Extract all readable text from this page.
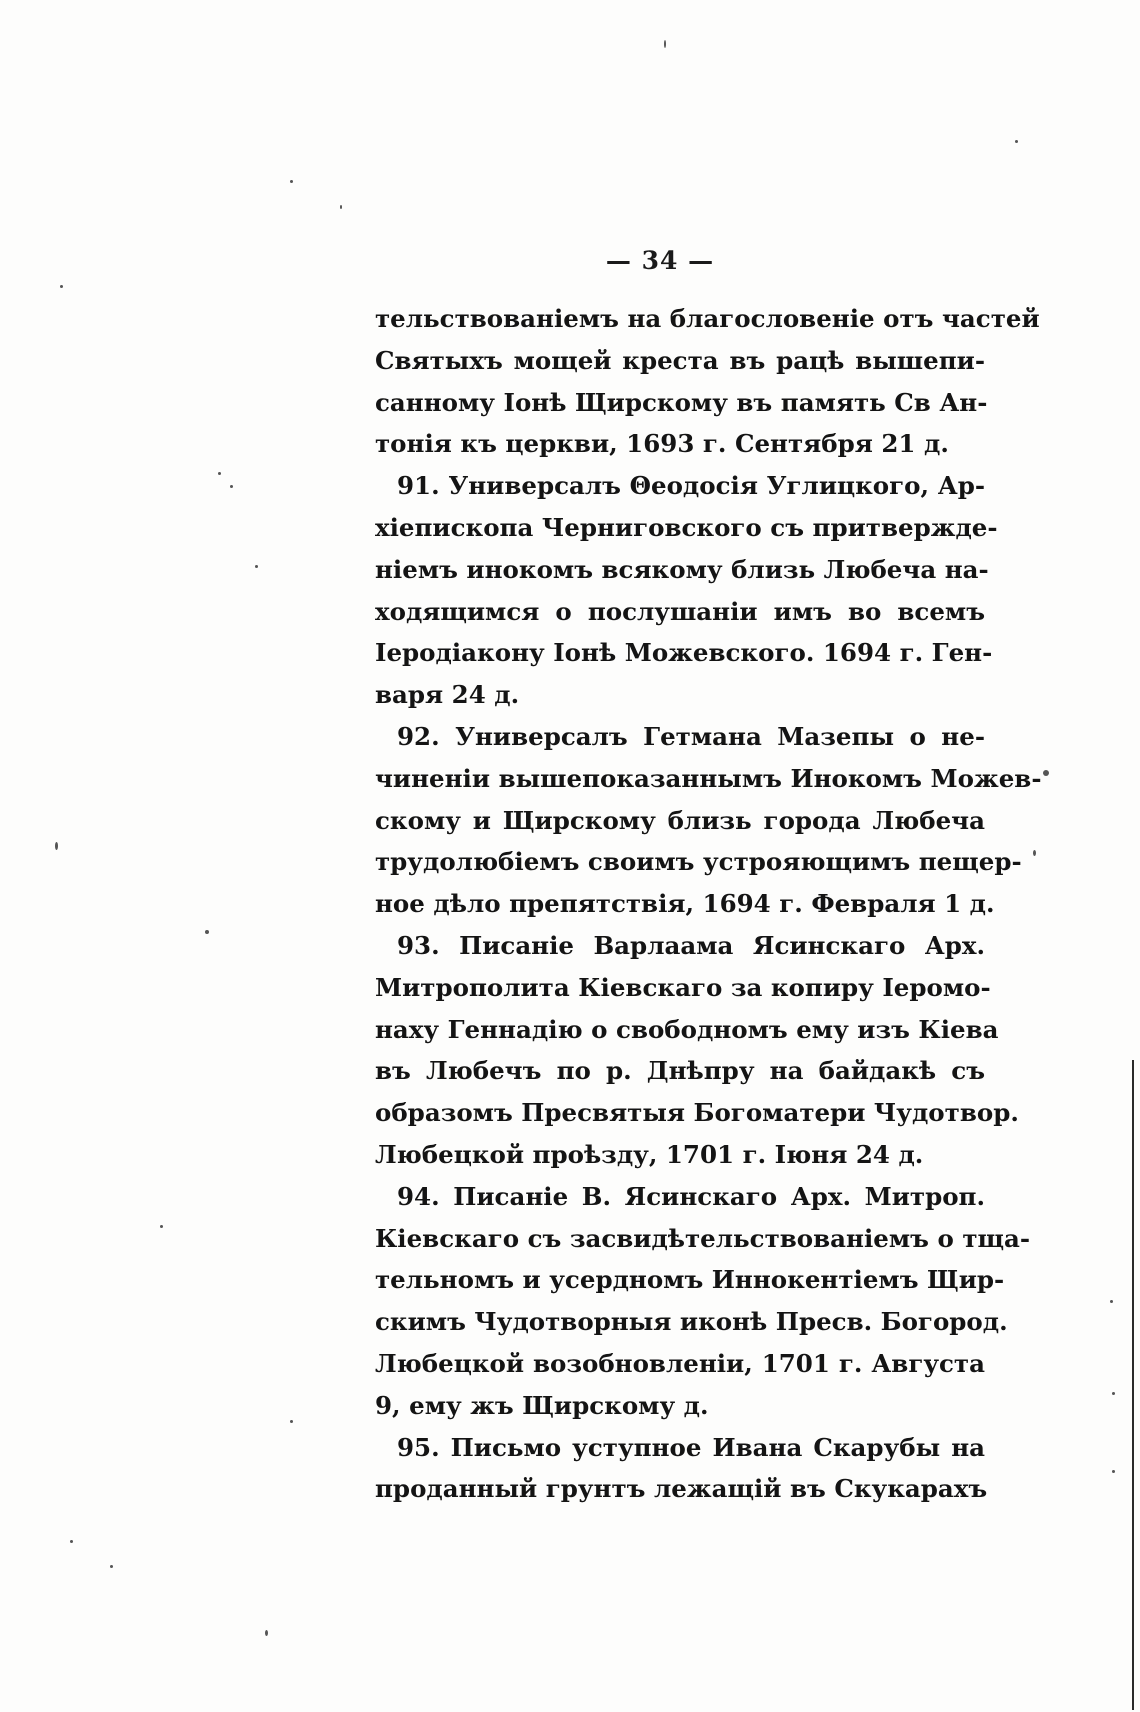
— 34 —

тельствованіемъ на благословеніе отъ частей
Святыхъ мощей креста въ рацѣ вышепи-
санному Іонѣ Щирскому въ память Св Ан-
тонія къ церкви, 1693 г. Сентября 21 д.

91. Универсалъ Θеодосія Углицкого, Ар-
хіепископа Черниговского съ притвержде-
ніемъ инокомъ всякому близь Любеча на-
ходящимся о послушаніи имъ во всемъ
Іеродіакону Іонѣ Можевского. 1694 г. Ген-
варя 24 д.

92. Универсалъ Гетмана Мазепы о не-
чиненіи вышепоказаннымъ Инокомъ Можев-
скому и Щирскому близь города Любеча
трудолюбіемъ своимъ устрояющимъ пещер-
ное дѣло препятствія, 1694 г. Февраля 1 д.

93. Писаніе Варлаама Ясинскаго Арх.
Митрополита Кіевскаго за копиру Іеромо-
наху Геннадію о свободномъ ему изъ Кіева
въ Любечъ по р. Днѣпру на байдакѣ съ
образомъ Пресвятыя Богоматери Чудотвор.
Любецкой проѣзду, 1701 г. Іюня 24 д.

94. Писаніе В. Ясинскаго Арх. Митроп.
Кіевскаго съ засвидѣтельствованіемъ о тща-
тельномъ и усердномъ Иннокентіемъ Щир-
скимъ Чудотворныя иконѣ Пресв. Богород.
Любецкой возобновленіи, 1701 г. Августа
9, ему жъ Щирскому д.

95. Письмо уступное Ивана Скарубы на
проданный грунтъ лежащій въ Скукарахъ
